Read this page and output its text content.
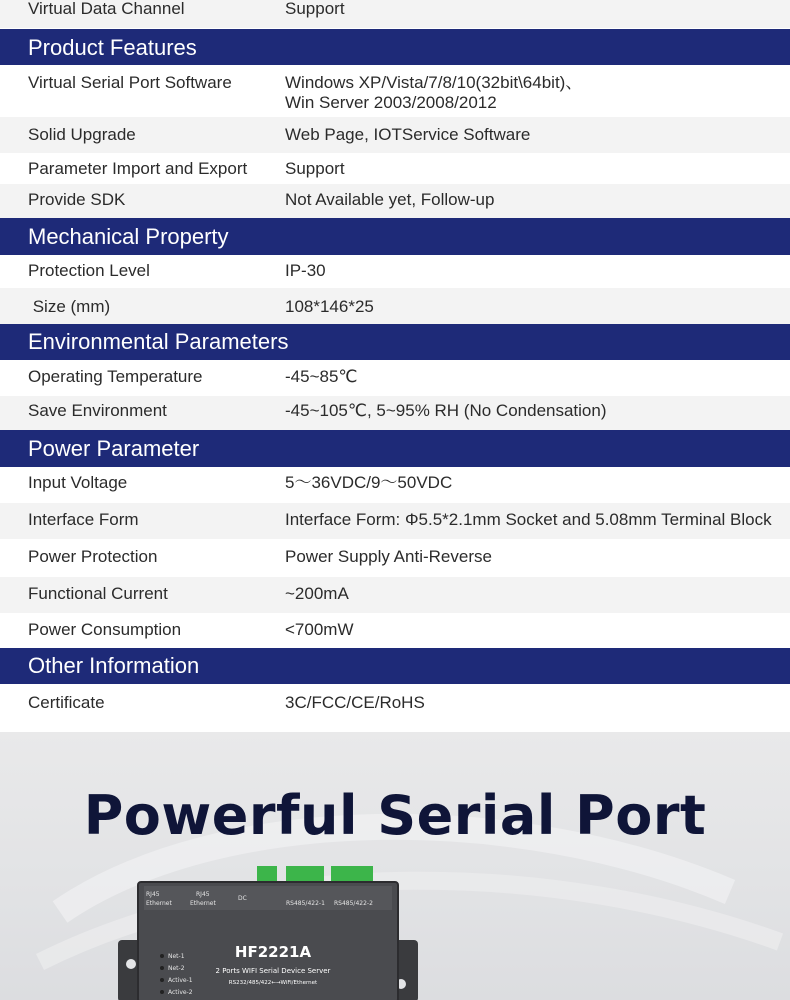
Virtual Data Channel	Support
Product Features
Virtual Serial Port Software	Windows XP/Vista/7/8/10(32bit\64bit)、
Win Server 2003/2008/2012
Solid Upgrade	Web Page, IOTService Software
Parameter Import and Export Support
Provide SDK	Not Available yet, Follow-up
Mechanical Property
Protection Level	IP-30
Size (mm)	108*146*25
Environmental Parameters
Operating Temperature	-45~85℃
Save Environment	-45~105℃, 5~95% RH (No Condensation)
Power Parameter
Input Voltage	5～36VDC/9～50VDC
Interface Form	Interface Form: Φ5.5*2.1mm Socket and 5.08mm Terminal Block
Power Protection	Power Supply Anti-Reverse
Functional Current	~200mA
Power Consumption	<700mW
Other Information
Certificate	3C/FCC/CE/RoHS
Powerful Serial Port
RJ45	RJ45
Ethernet	Ethernet
DC
RS485/422-1 RS485/422-2
HF2221A
2 Ports WIFI Serial Device Server
RS232/485/422←→WiFi/Ethernet
Net-1
Net-2
Active-1
Active-2
